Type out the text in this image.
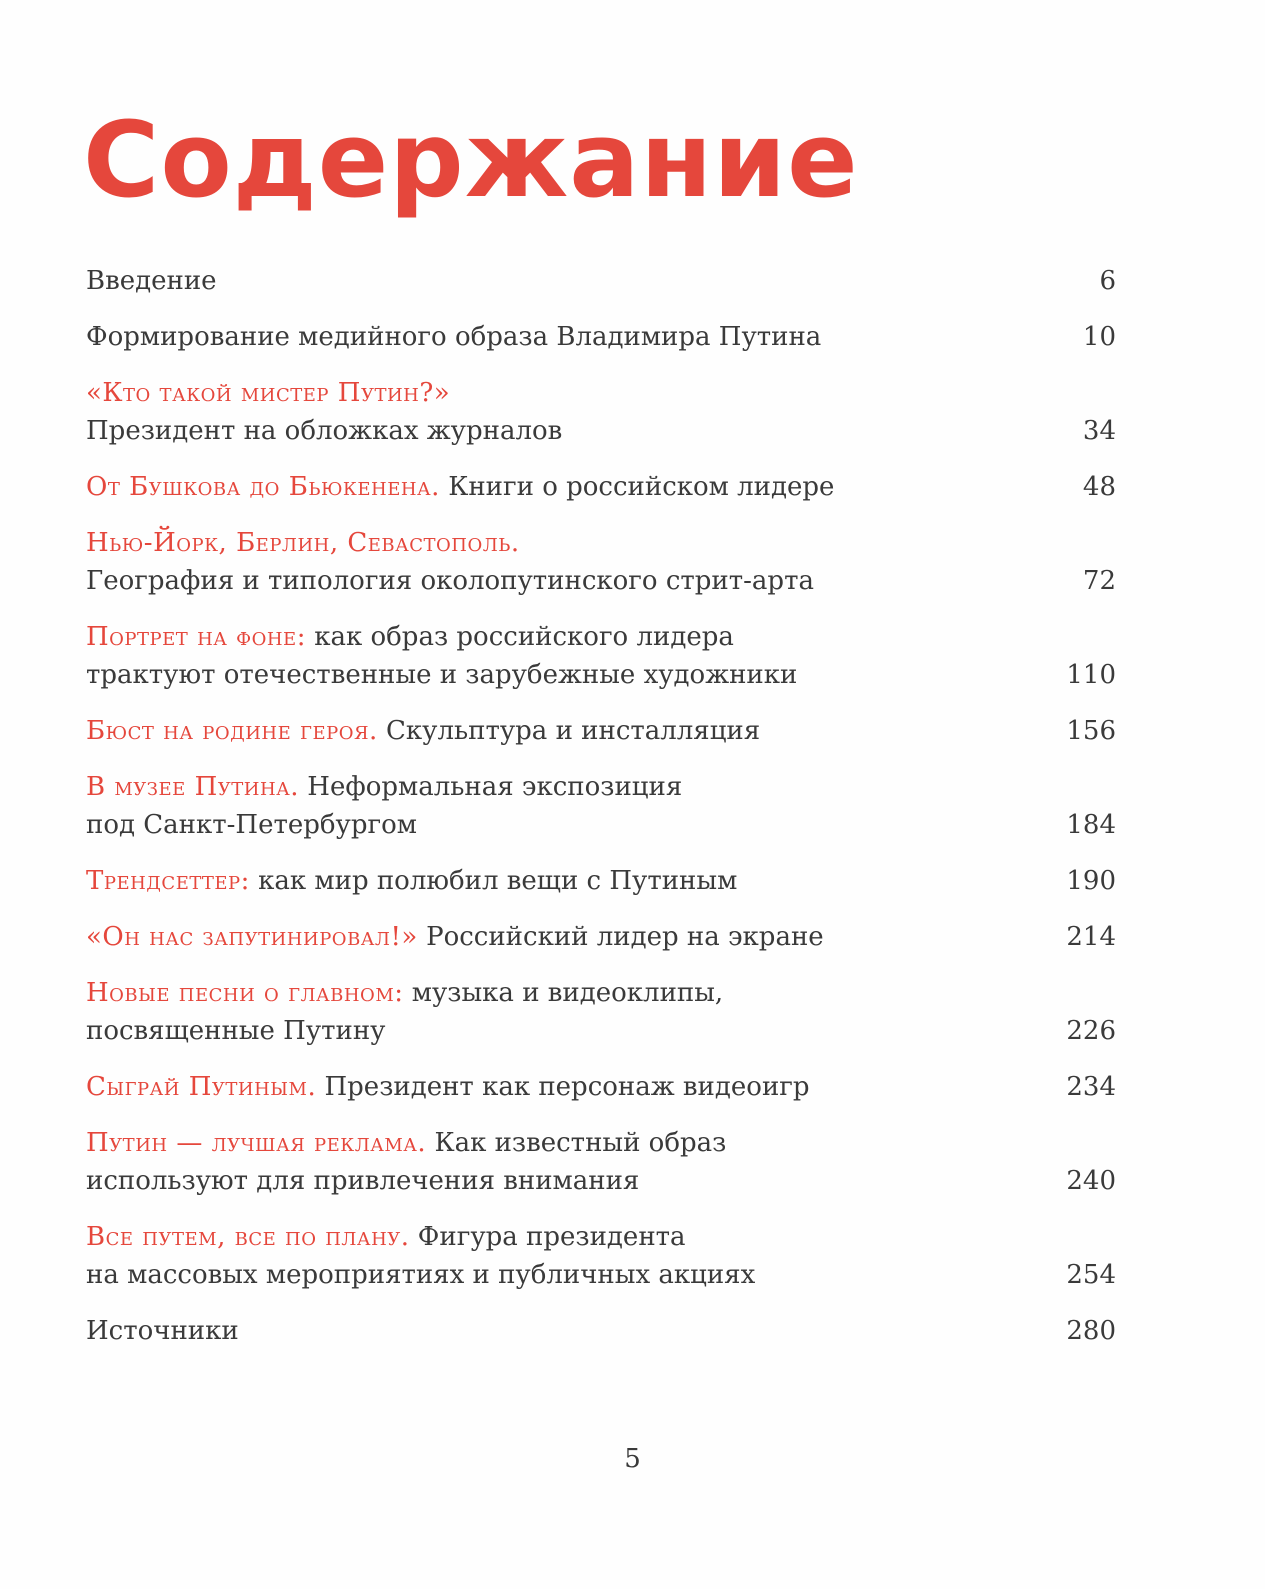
Содержание
Введение	6
Формирование медийного образа Владимира Путина	10
«Кто такой мистер Путин?»
Президент на обложках журналов	34
От Бушкова до Бьюкенена. Книги о российском лидере	48
Нью-Йорк, Берлин, Севастополь.
География и типология околопутинского стрит-арта	72
Портрет на фоне: как образ российского лидера
трактуют отечественные и зарубежные художники	110
Бюст на родине героя. Скульптура и инсталляция	156
В музее Путина. Неформальная экспозиция
под Санкт-Петербургом	184
Трендсеттер: как мир полюбил вещи с Путиным	190
«Он нас запутинировал!» Российский лидер на экране	214
Новые песни о главном: музыка и видеоклипы,
посвященные Путину	226
Сыграй Путиным. Президент как персонаж видеоигр	234
Путин — лучшая реклама. Как известный образ
используют для привлечения внимания	240
Все путем, все по плану. Фигура президента
на массовых мероприятиях и публичных акциях	254
Источники	280
5
